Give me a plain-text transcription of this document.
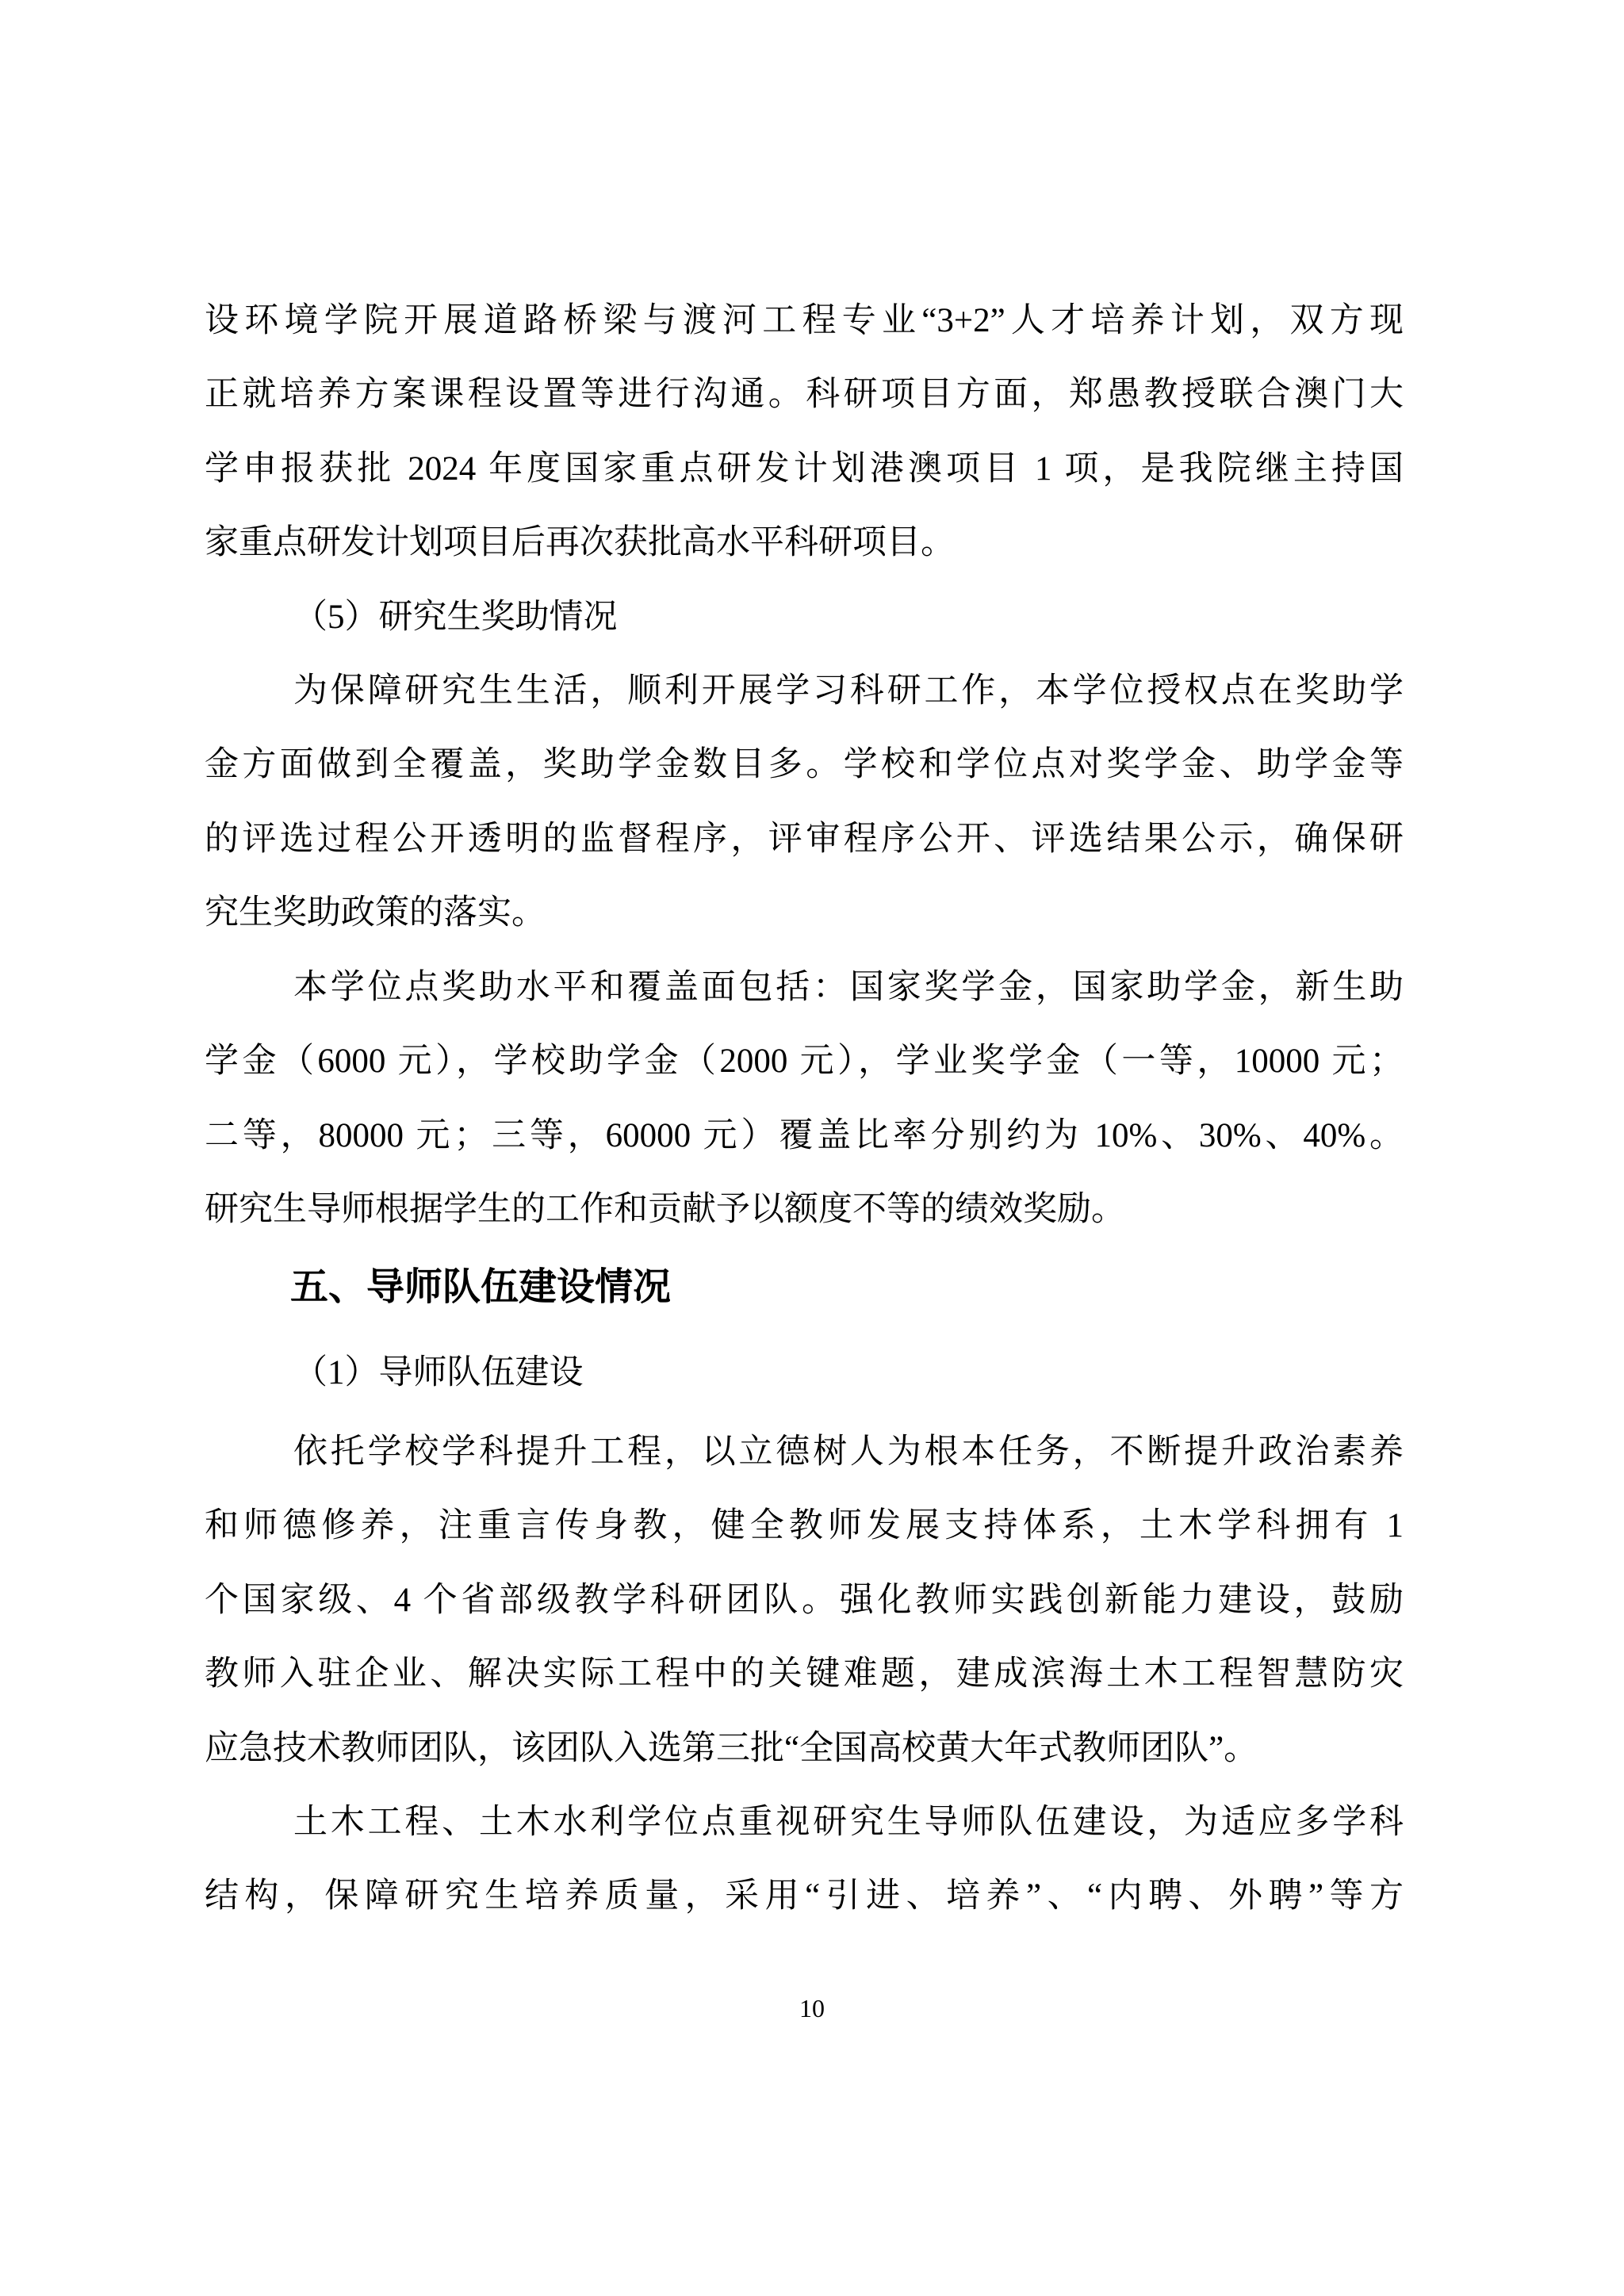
设环境学院开展道路桥梁与渡河工程专业“3+2”人才培养计划，双方现
正就培养方案课程设置等进行沟通。科研项目方面，郑愚教授联合澳门大
学申报获批 2024 年度国家重点研发计划港澳项目 1 项，是我院继主持国
家重点研发计划项目后再次获批高水平科研项目。
（5）研究生奖助情况
为保障研究生生活，顺利开展学习科研工作，本学位授权点在奖助学
金方面做到全覆盖，奖助学金数目多。学校和学位点对奖学金、助学金等
的评选过程公开透明的监督程序，评审程序公开、评选结果公示，确保研
究生奖助政策的落实。
本学位点奖助水平和覆盖面包括：国家奖学金，国家助学金，新生助
学金（6000 元），学校助学金（2000 元），学业奖学金（一等，10000 元；
二等，80000 元；三等，60000 元）覆盖比率分别约为 10%、30%、40%。
研究生导师根据学生的工作和贡献予以额度不等的绩效奖励。
五、导师队伍建设情况
（1）导师队伍建设
依托学校学科提升工程，以立德树人为根本任务，不断提升政治素养
和师德修养，注重言传身教，健全教师发展支持体系，土木学科拥有 1
个国家级、4 个省部级教学科研团队。强化教师实践创新能力建设，鼓励
教师入驻企业、解决实际工程中的关键难题，建成滨海土木工程智慧防灾
应急技术教师团队，该团队入选第三批“全国高校黄大年式教师团队”。
土木工程、土木水利学位点重视研究生导师队伍建设，为适应多学科
结构，保障研究生培养质量，采用“引进、培养”、“内聘、外聘”等方
10
